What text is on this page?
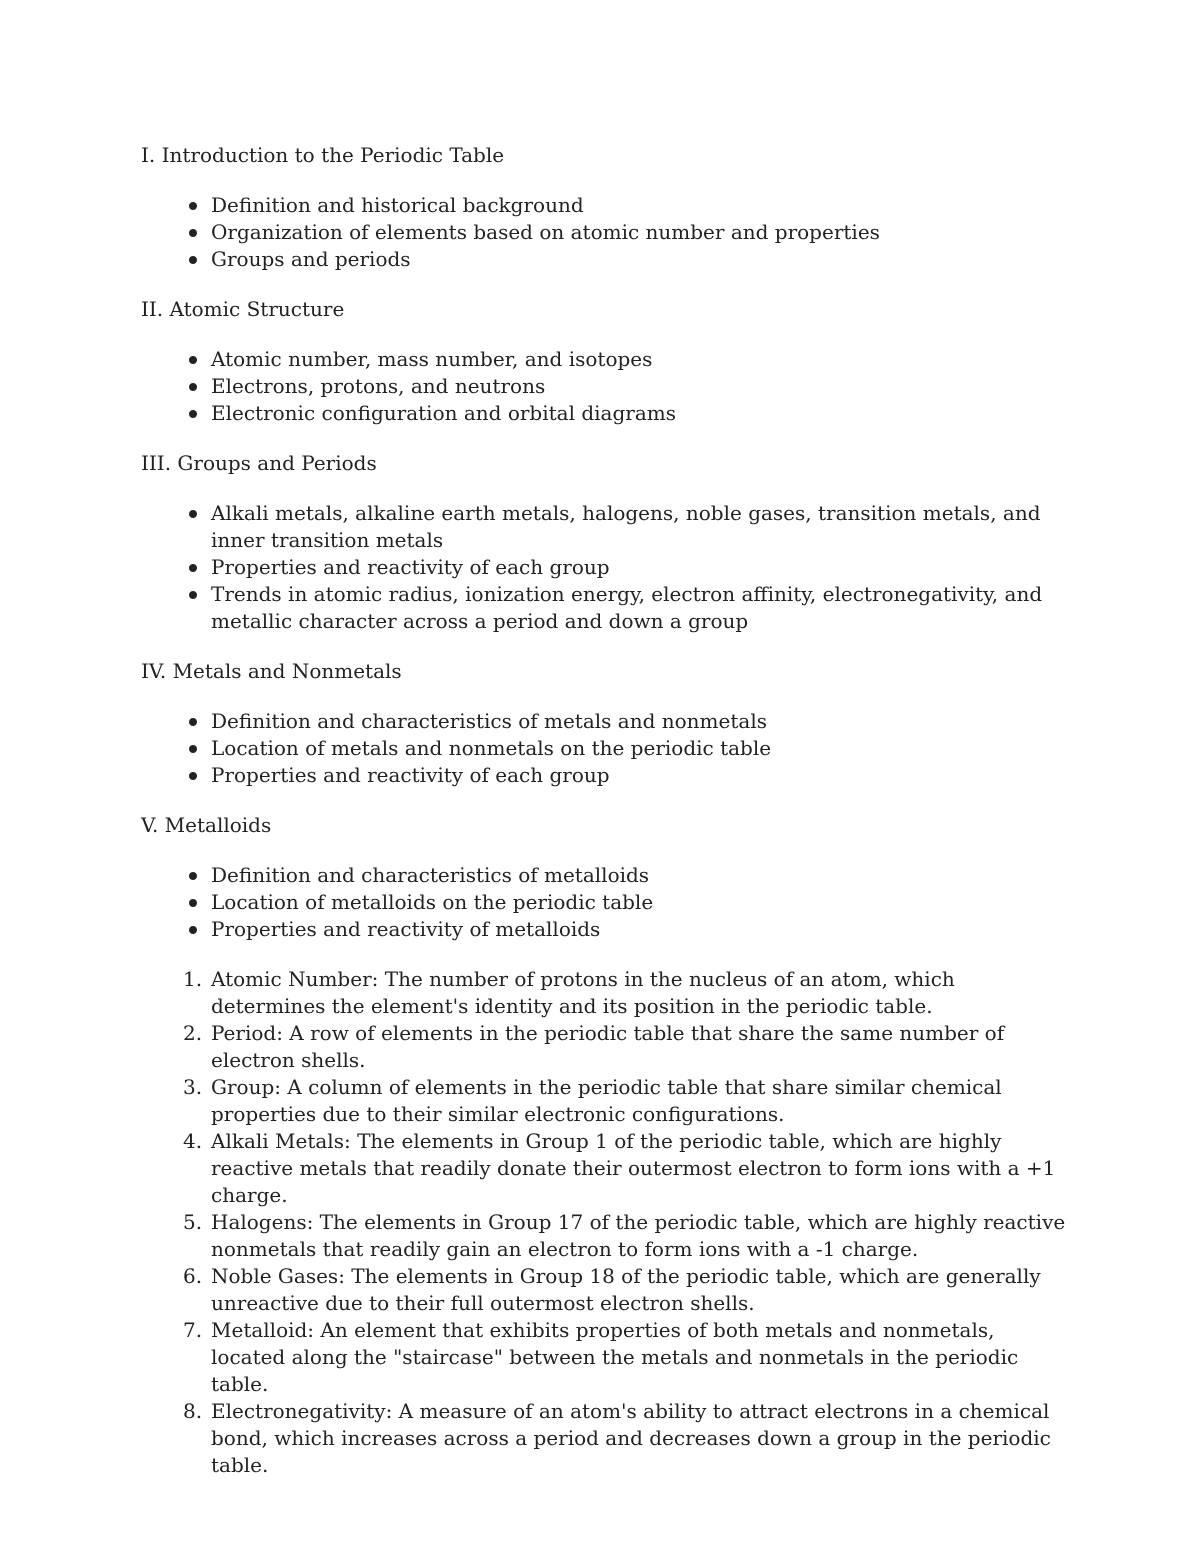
I. Introduction to the Periodic Table
Definition and historical background
Organization of elements based on atomic number and properties
Groups and periods
II. Atomic Structure
Atomic number, mass number, and isotopes
Electrons, protons, and neutrons
Electronic configuration and orbital diagrams
III. Groups and Periods
Alkali metals, alkaline earth metals, halogens, noble gases, transition metals, and inner transition metals
Properties and reactivity of each group
Trends in atomic radius, ionization energy, electron affinity, electronegativity, and metallic character across a period and down a group
IV. Metals and Nonmetals
Definition and characteristics of metals and nonmetals
Location of metals and nonmetals on the periodic table
Properties and reactivity of each group
V. Metalloids
Definition and characteristics of metalloids
Location of metalloids on the periodic table
Properties and reactivity of metalloids
1. Atomic Number: The number of protons in the nucleus of an atom, which determines the element's identity and its position in the periodic table.
2. Period: A row of elements in the periodic table that share the same number of electron shells.
3. Group: A column of elements in the periodic table that share similar chemical properties due to their similar electronic configurations.
4. Alkali Metals: The elements in Group 1 of the periodic table, which are highly reactive metals that readily donate their outermost electron to form ions with a +1 charge.
5. Halogens: The elements in Group 17 of the periodic table, which are highly reactive nonmetals that readily gain an electron to form ions with a -1 charge.
6. Noble Gases: The elements in Group 18 of the periodic table, which are generally unreactive due to their full outermost electron shells.
7. Metalloid: An element that exhibits properties of both metals and nonmetals, located along the "staircase" between the metals and nonmetals in the periodic table.
8. Electronegativity: A measure of an atom's ability to attract electrons in a chemical bond, which increases across a period and decreases down a group in the periodic table.
